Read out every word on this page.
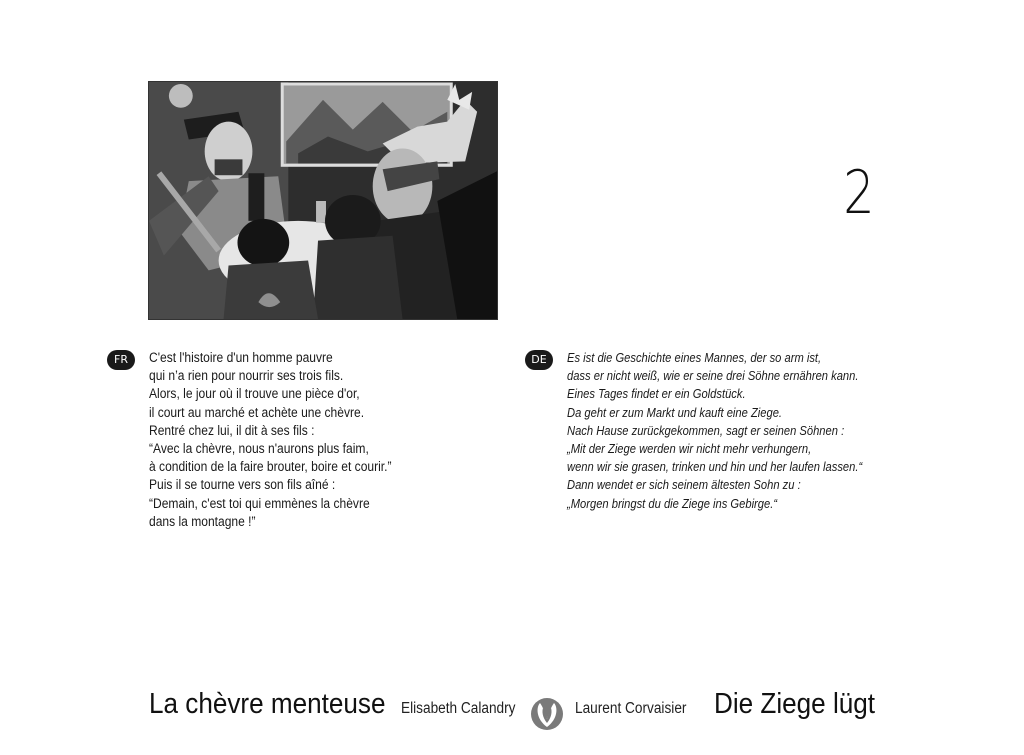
2
FR	C'est l'histoire d'un homme pauvre
qui n’a rien pour nourrir ses trois fils.
Alors, le jour où il trouve une pièce d'or,
il court au marché et achète une chèvre.
Rentré chez lui, il dit à ses fils :
“Avec la chèvre, nous n'aurons plus faim,
à condition de la faire brouter, boire et courir.”
Puis il se tourne vers son fils aîné :
“Demain, c'est toi qui emmènes la chèvre
dans la montagne !”
DE	Es ist die Geschichte eines Mannes, der so arm ist,
dass er nicht weiß, wie er seine drei Söhne ernähren kann.
Eines Tages findet er ein Goldstück.
Da geht er zum Markt und kauft eine Ziege.
Nach Hause zurückgekommen, sagt er seinen Söhnen :
„Mit der Ziege werden wir nicht mehr verhungern,
wenn wir sie grasen, trinken und hin und her laufen lassen.“
Dann wendet er sich seinem ältesten Sohn zu :
„Morgen bringst du die Ziege ins Gebirge.“
La chèvre menteuse Elisabeth Calandry	Laurent Corvaisier Die Ziege lügt
